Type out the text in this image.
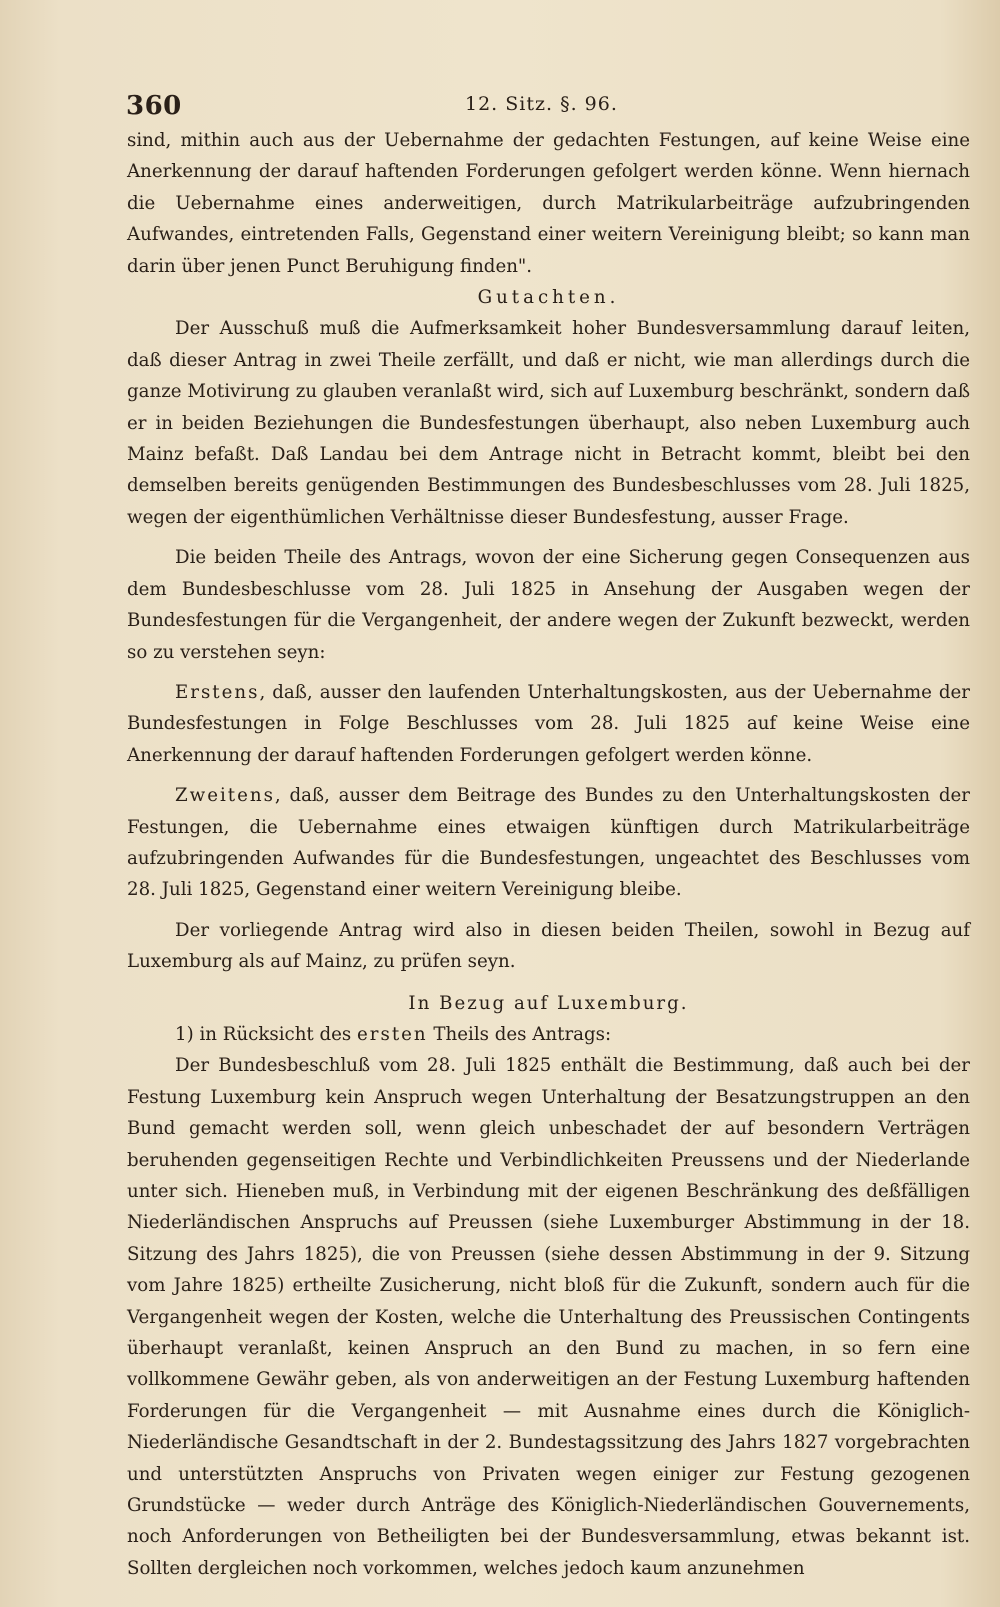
360	12. Sitz. §. 96.

sind, mithin auch aus der Uebernahme der gedachten Festungen, auf keine Weise eine Anerkennung der darauf haftenden Forderungen gefolgert werden könne. Wenn hiernach die Uebernahme eines anderweitigen, durch Matrikularbeiträge aufzubringenden Aufwandes, eintretenden Falls, Gegenstand einer weitern Vereinigung bleibt; so kann man darin über jenen Punct Beruhigung finden".

Gutachten.

Der Ausschuß muß die Aufmerksamkeit hoher Bundesversammlung darauf leiten, daß dieser Antrag in zwei Theile zerfällt, und daß er nicht, wie man allerdings durch die ganze Motivirung zu glauben veranlaßt wird, sich auf Luxemburg beschränkt, sondern daß er in beiden Beziehungen die Bundesfestungen überhaupt, also neben Luxemburg auch Mainz befaßt. Daß Landau bei dem Antrage nicht in Betracht kommt, bleibt bei den demselben bereits genügenden Bestimmungen des Bundesbeschlusses vom 28. Juli 1825, wegen der eigenthümlichen Verhältnisse dieser Bundesfestung, ausser Frage.

Die beiden Theile des Antrags, wovon der eine Sicherung gegen Consequenzen aus dem Bundesbeschlusse vom 28. Juli 1825 in Ansehung der Ausgaben wegen der Bundesfestungen für die Vergangenheit, der andere wegen der Zukunft bezweckt, werden so zu verstehen seyn:

Erstens, daß, ausser den laufenden Unterhaltungskosten, aus der Uebernahme der Bundesfestungen in Folge Beschlusses vom 28. Juli 1825 auf keine Weise eine Anerkennung der darauf haftenden Forderungen gefolgert werden könne.

Zweitens, daß, ausser dem Beitrage des Bundes zu den Unterhaltungskosten der Festungen, die Uebernahme eines etwaigen künftigen durch Matrikularbeiträge aufzubringenden Aufwandes für die Bundesfestungen, ungeachtet des Beschlusses vom 28. Juli 1825, Gegenstand einer weitern Vereinigung bleibe.

Der vorliegende Antrag wird also in diesen beiden Theilen, sowohl in Bezug auf Luxemburg als auf Mainz, zu prüfen seyn.

In Bezug auf Luxemburg.

1) in Rücksicht des ersten Theils des Antrags:

Der Bundesbeschluß vom 28. Juli 1825 enthält die Bestimmung, daß auch bei der Festung Luxemburg kein Anspruch wegen Unterhaltung der Besatzungstruppen an den Bund gemacht werden soll, wenn gleich unbeschadet der auf besondern Verträgen beruhenden gegenseitigen Rechte und Verbindlichkeiten Preussens und der Niederlande unter sich. Hieneben muß, in Verbindung mit der eigenen Beschränkung des deßfälligen Niederländischen Anspruchs auf Preussen (siehe Luxemburger Abstimmung in der 18. Sitzung des Jahrs 1825), die von Preussen (siehe dessen Abstimmung in der 9. Sitzung vom Jahre 1825) ertheilte Zusicherung, nicht bloß für die Zukunft, sondern auch für die Vergangenheit wegen der Kosten, welche die Unterhaltung des Preussischen Contingents überhaupt veranlaßt, keinen Anspruch an den Bund zu machen, in so fern eine vollkommene Gewähr geben, als von anderweitigen an der Festung Luxemburg haftenden Forderungen für die Vergangenheit — mit Ausnahme eines durch die Königlich-Niederländische Gesandtschaft in der 2. Bundestagssitzung des Jahrs 1827 vorgebrachten und unterstützten Anspruchs von Privaten wegen einiger zur Festung gezogenen Grundstücke — weder durch Anträge des Königlich-Niederländischen Gouvernements, noch Anforderungen von Betheiligten bei der Bundesversammlung, etwas bekannt ist. Sollten dergleichen noch vorkommen, welches jedoch kaum anzunehmen
